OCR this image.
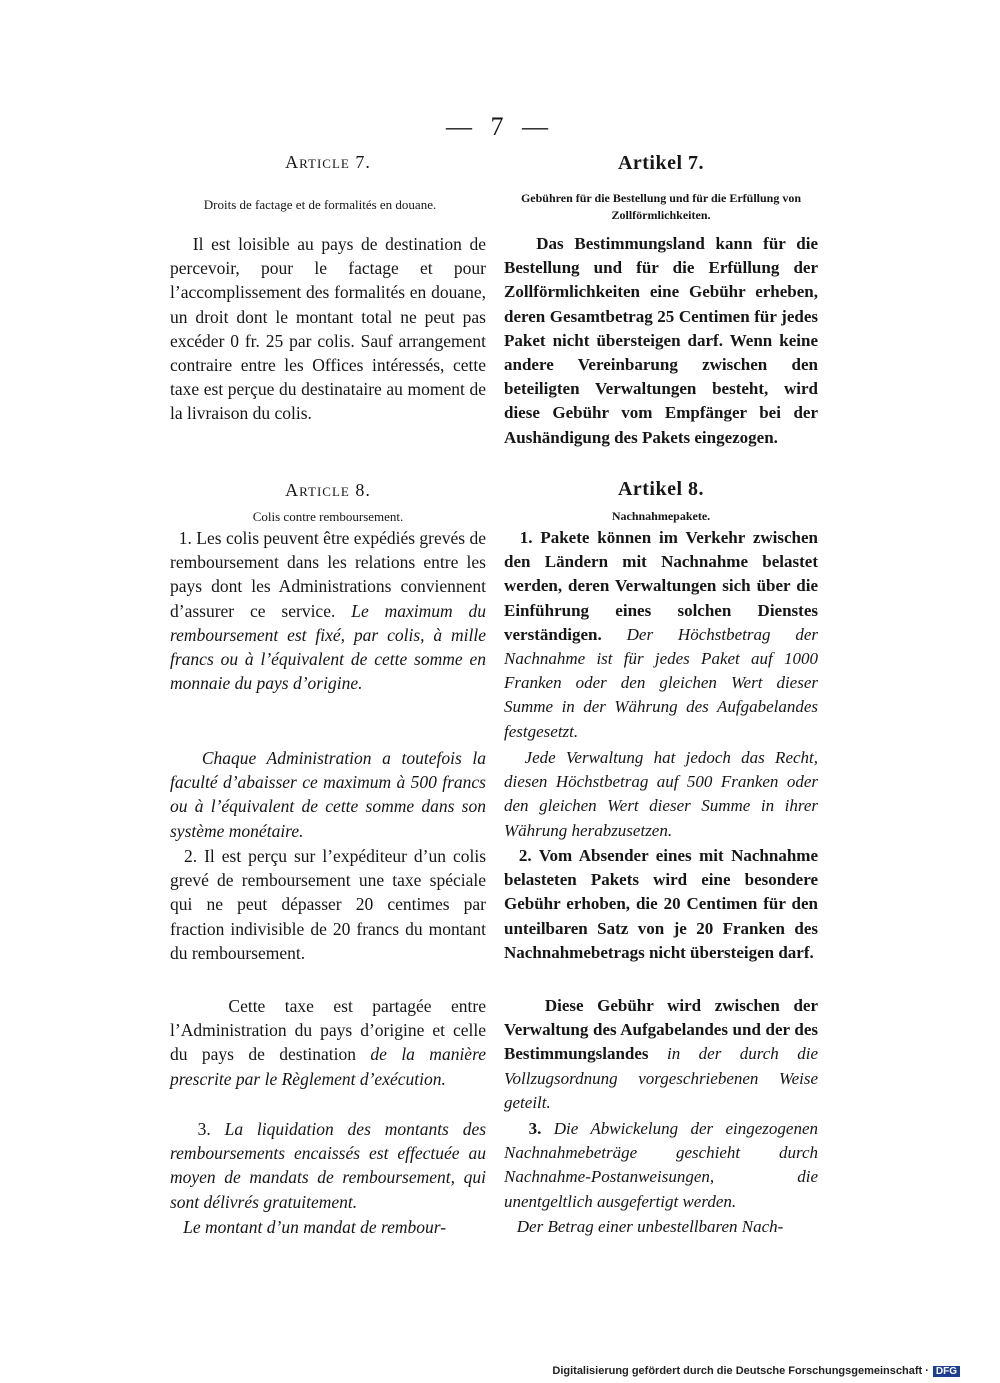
— 7 —
Article 7.
Droits de factage et de formalités en douane.

Il est loisible au pays de destination de percevoir, pour le factage et pour l’accomplissement des formalités en douane, un droit dont le montant total ne peut pas excéder 0 fr. 25 par colis. Sauf arrangement contraire entre les Offices intéressés, cette taxe est perçue du destinataire au moment de la livraison du colis.

Article 8.
Colis contre remboursement.

1. Les colis peuvent être expédiés grevés de remboursement dans les relations entre les pays dont les Administrations conviennent d’assurer ce service. Le maximum du remboursement est fixé, par colis, à mille francs ou à l’équivalent de cette somme en monnaie du pays d’origine.

Chaque Administration a toutefois la faculté d’abaisser ce maximum à 500 francs ou à l’équivalent de cette somme dans son système monétaire.

2. Il est perçu sur l’expéditeur d’un colis grevé de remboursement une taxe spéciale qui ne peut dépasser 20 centimes par fraction indivisible de 20 francs du montant du remboursement.

Cette taxe est partagée entre l’Administration du pays d’origine et celle du pays de destination de la manière prescrite par le Règlement d’exécution.

3. La liquidation des montants des remboursements encaissés est effectuée au moyen de mandats de remboursement, qui sont délivrés gratuitement.

Le montant d’un mandat de rembour-

Artikel 7.
Gebühren für die Bestellung und für die Erfüllung von Zollförmlichkeiten.

Das Bestimmungsland kann für die Bestellung und für die Erfüllung der Zollförmlichkeiten eine Gebühr erheben, deren Gesamtbetrag 25 Centimen für jedes Paket nicht übersteigen darf. Wenn keine andere Vereinbarung zwischen den beteiligten Verwaltungen besteht, wird diese Gebühr vom Empfänger bei der Aushändigung des Pakets eingezogen.

Artikel 8.
Nachnahmepakete.

1. Pakete können im Verkehr zwischen den Ländern mit Nachnahme belastet werden, deren Verwaltungen sich über die Einführung eines solchen Dienstes verständigen. Der Höchstbetrag der Nachnahme ist für jedes Paket auf 1000 Franken oder den gleichen Wert dieser Summe in der Währung des Aufgabelandes festgesetzt.

Jede Verwaltung hat jedoch das Recht, diesen Höchstbetrag auf 500 Franken oder den gleichen Wert dieser Summe in ihrer Währung herabzusetzen.

2. Vom Absender eines mit Nachnahme belasteten Pakets wird eine besondere Gebühr erhoben, die 20 Centimen für den unteilbaren Satz von je 20 Franken des Nachnahmebetrags nicht übersteigen darf.

Diese Gebühr wird zwischen der Verwaltung des Aufgabelandes und der des Bestimmungslandes in der durch die Vollzugsordnung vorgeschriebenen Weise geteilt.

3. Die Abwickelung der eingezogenen Nachnahmebeträge geschieht durch Nachnahme-Postanweisungen, die unentgeltlich ausgefertigt werden.

Der Betrag einer unbestellbaren Nach-

Digitalisierung gefördert durch die Deutsche Forschungsgemeinschaft · DFG
